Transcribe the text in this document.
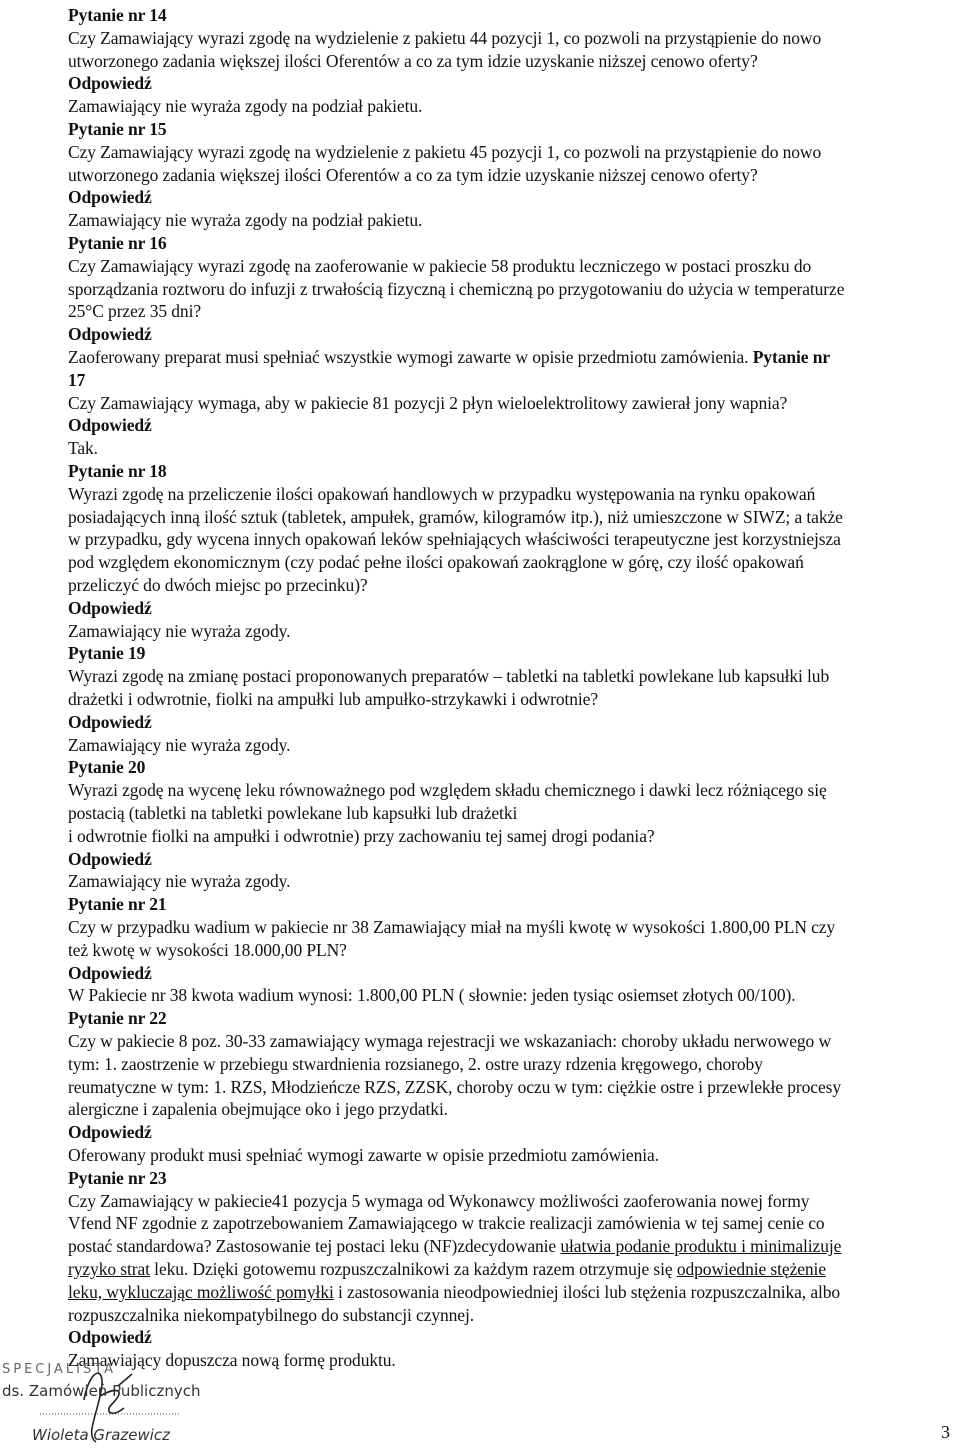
Pytanie nr 14
Czy Zamawiający wyrazi zgodę na wydzielenie z pakietu 44 pozycji 1, co pozwoli na przystąpienie do nowo
utworzonego zadania większej ilości Oferentów a co za tym idzie uzyskanie niższej cenowo oferty?
Odpowiedź
Zamawiający nie wyraża zgody na podział pakietu.
Pytanie nr 15
Czy Zamawiający wyrazi zgodę na wydzielenie z pakietu 45 pozycji 1, co pozwoli na przystąpienie do nowo
utworzonego zadania większej ilości Oferentów a co za tym idzie uzyskanie niższej cenowo oferty?
Odpowiedź
Zamawiający nie wyraża zgody na podział pakietu.
Pytanie nr 16
Czy Zamawiający wyrazi zgodę na zaoferowanie w pakiecie 58 produktu leczniczego w postaci proszku do
sporządzania roztworu do infuzji z trwałością fizyczną i chemiczną po przygotowaniu do użycia w temperaturze
25°C przez 35 dni?
Odpowiedź
Zaoferowany preparat musi spełniać wszystkie wymogi zawarte w opisie przedmiotu zamówienia. Pytanie nr
17
Czy Zamawiający wymaga, aby w pakiecie 81 pozycji 2 płyn wieloelektrolitowy zawierał jony wapnia?
Odpowiedź
Tak.
Pytanie nr 18
Wyrazi zgodę na przeliczenie ilości opakowań handlowych w przypadku występowania na rynku opakowań
posiadających inną ilość sztuk (tabletek, ampułek, gramów, kilogramów itp.), niż umieszczone w SIWZ; a także
w przypadku, gdy wycena innych opakowań leków spełniających właściwości terapeutyczne jest korzystniejsza
pod względem ekonomicznym (czy podać pełne ilości opakowań zaokrąglone w górę, czy ilość opakowań
przeliczyć do dwóch miejsc po przecinku)?
Odpowiedź
Zamawiający nie wyraża zgody.
Pytanie 19
Wyrazi zgodę na zmianę postaci proponowanych preparatów – tabletki na tabletki powlekane lub kapsułki lub
drażetki i odwrotnie, fiolki na ampułki lub ampułko-strzykawki i odwrotnie?
Odpowiedź
Zamawiający nie wyraża zgody.
Pytanie 20
Wyrazi zgodę na wycenę leku równoważnego pod względem składu chemicznego i dawki lecz różniącego się
postacią (tabletki na tabletki powlekane lub kapsułki lub drażetki
i odwrotnie fiolki na ampułki i odwrotnie) przy zachowaniu tej samej drogi podania?
Odpowiedź
Zamawiający nie wyraża zgody.
Pytanie nr 21
Czy w przypadku wadium w pakiecie nr 38 Zamawiający miał na myśli kwotę w wysokości 1.800,00 PLN czy
też kwotę w wysokości 18.000,00 PLN?
Odpowiedź
W Pakiecie nr 38 kwota wadium wynosi: 1.800,00 PLN ( słownie: jeden tysiąc osiemset złotych 00/100).
Pytanie nr 22
Czy w pakiecie 8 poz. 30-33 zamawiający wymaga rejestracji we wskazaniach: choroby układu nerwowego w
tym: 1. zaostrzenie w przebiegu stwardnienia rozsianego, 2. ostre urazy rdzenia kręgowego, choroby
reumatyczne w tym: 1. RZS, Młodzieńcze RZS, ZZSK, choroby oczu w tym: ciężkie ostre i przewlekłe procesy
alergiczne i zapalenia obejmujące oko i jego przydatki.
Odpowiedź
Oferowany produkt musi spełniać wymogi zawarte w opisie przedmiotu zamówienia.
Pytanie nr 23
Czy Zamawiający w pakiecie41 pozycja 5 wymaga od Wykonawcy możliwości zaoferowania nowej formy
Vfend NF zgodnie z zapotrzebowaniem Zamawiającego w trakcie realizacji zamówienia w tej samej cenie co
postać standardowa? Zastosowanie tej postaci leku (NF)zdecydowanie ułatwia podanie produktu i minimalizuje
ryzyko strat leku. Dzięki gotowemu rozpuszczalnikowi za każdym razem otrzymuje się odpowiednie stężenie
leku, wykluczając możliwość pomyłki i zastosowania nieodpowiedniej ilości lub stężenia rozpuszczalnika, albo
rozpuszczalnika niekompatybilnego do substancji czynnej.
Odpowiedź
Zamawiający dopuszcza nową formę produktu.
SPECJALISTA
ds. Zamówień Publicznych
Wioleta Grazewicz	3
